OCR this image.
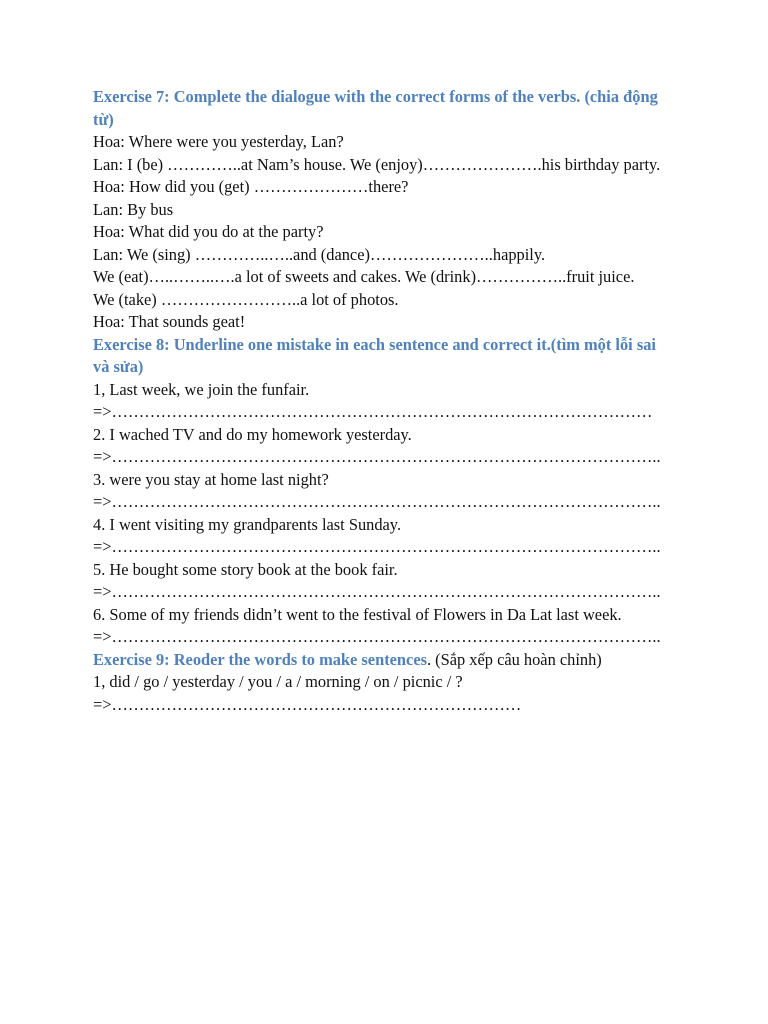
Exercise 7: Complete the dialogue with the correct forms of the verbs. (chia động từ)
Hoa: Where were you yesterday, Lan?
Lan: I (be) …………..at Nam’s house. We (enjoy)………………….his birthday party.
Hoa: How did you (get) …………………there?
Lan: By bus
Hoa: What did you do at the party?
Lan: We (sing) …………..…..and (dance)…………………..happily.
We (eat)…..……..….a lot of sweets and cakes. We (drink)……………..fruit juice.
We (take) ……………………..a lot of photos.
Hoa: That sounds geat!
Exercise 8: Underline one mistake in each sentence and correct it.(tìm một lỗi sai và sửa)
1, Last week, we join the funfair.
=>………………………………………………………………………………………
2. I wached TV and do my homework yesterday.
=>………………………………………………………………………………………..
3. were you stay at home last night?
=>………………………………………………………………………………………..
4. I went visiting my grandparents last Sunday.
=>………………………………………………………………………………………..
5. He bought some story book at the book fair.
=>………………………………………………………………………………………..
6. Some of my friends didn’t went to the festival of Flowers in Da Lat last week.
=>………………………………………………………………………………………..
Exercise 9: Reoder the words to make sentences. (Sắp xếp câu hoàn chỉnh)
1, did / go / yesterday / you / a / morning / on / picnic / ?
=>…………………………………………………………………
